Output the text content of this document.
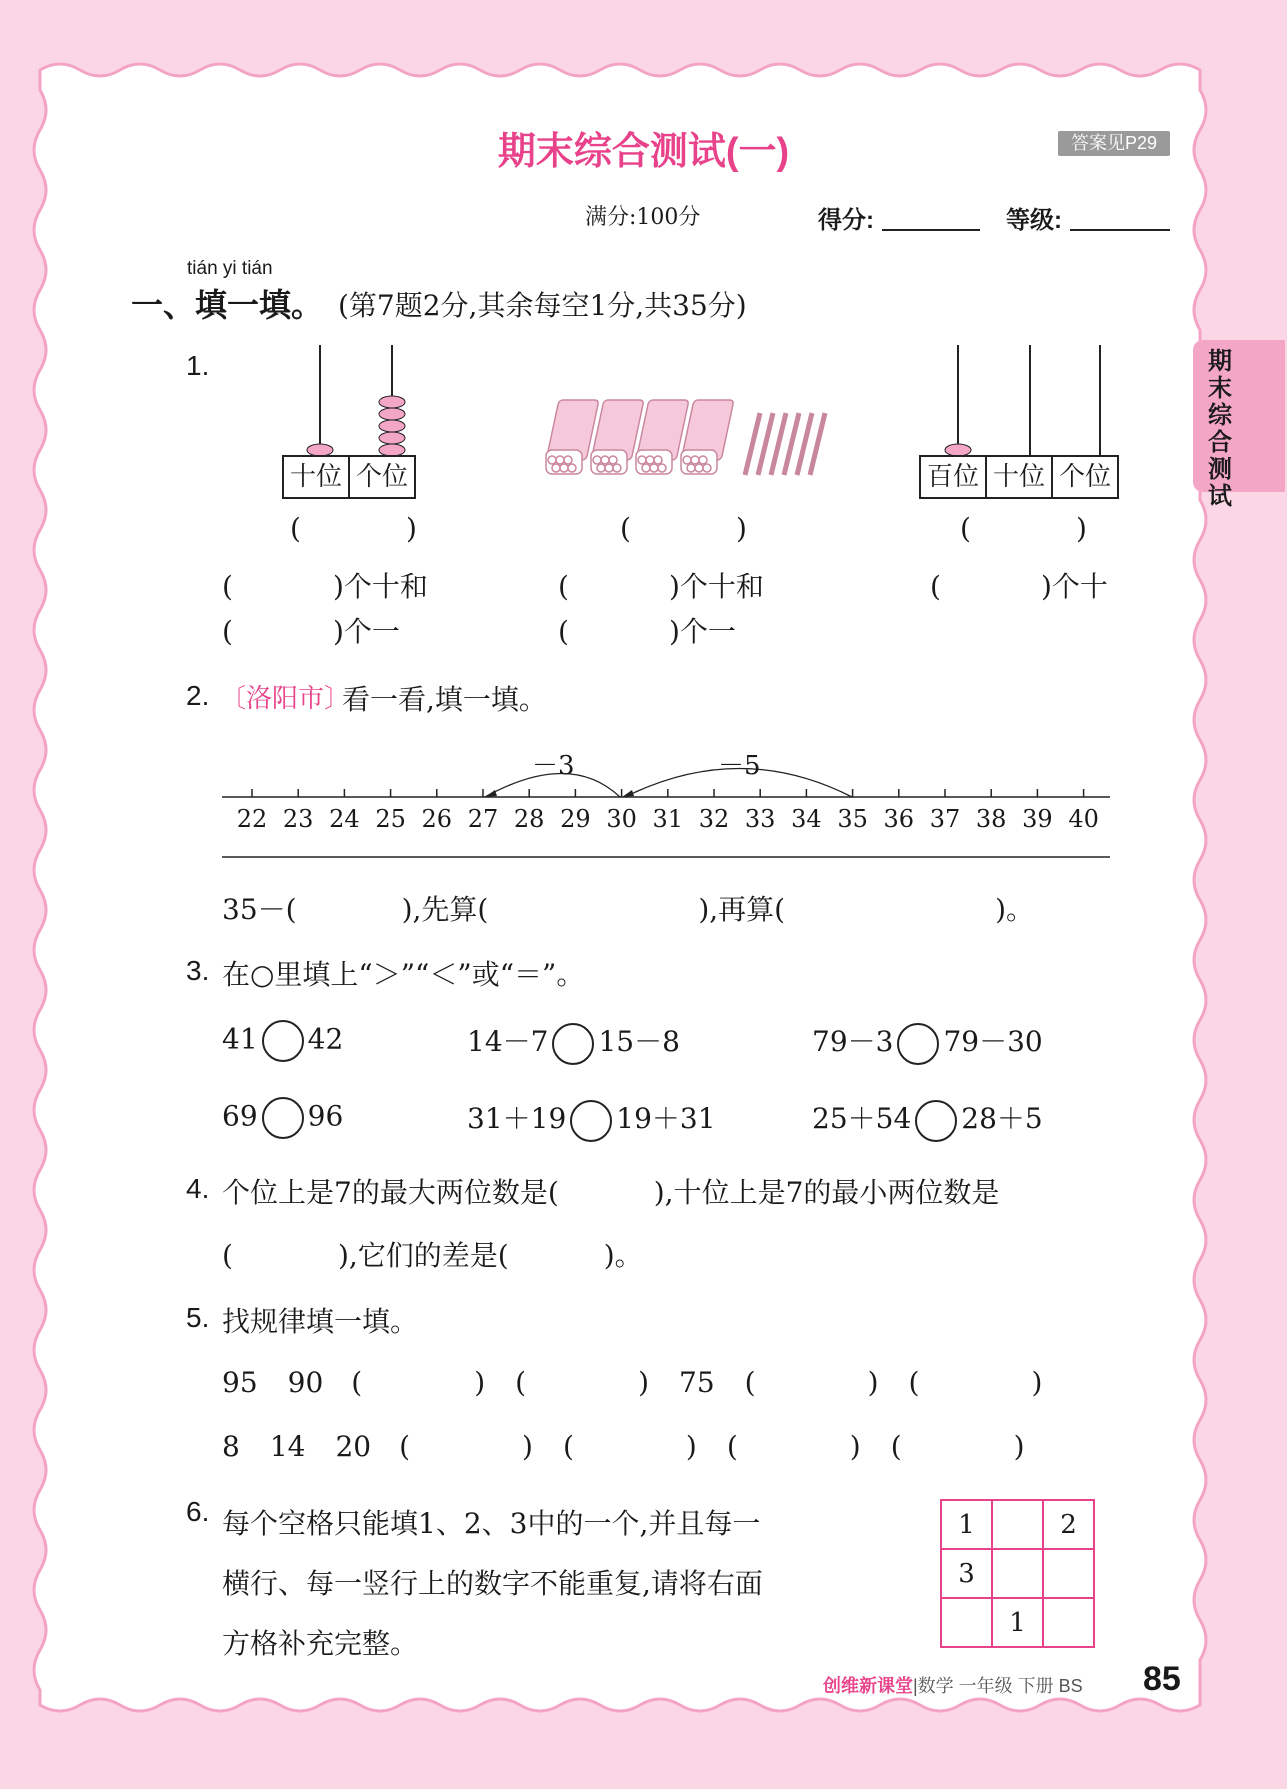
期末综合测试
期末综合测试(一)	答案见P29
满分:100分	得分:	等级:
tián yi tián
一、填一填。 (第7题2分,其余每空1分,共35分)
1.
十位 个位	百位 十位 个位
(	)	(	)	(	)
(	)个十和
(	)个一
(	)个十和
(	)个一
(	)个十
2. 〔洛阳市〕
看一看,填一填。
－3	－5
22 23 24 25 26 27 28 29 30 31 32 33 34 35 36 37 38 39 40
35－(	),先算(	),再算(	)。
3. 在○里填上“＞”“＜”或“＝”。
41 42	14－7 15－8	79－3 79－30
69 96	31＋19 19＋31	25＋54 28＋5
4. 个位上是7的最大两位数是(	),十位上是7的最小两位数是
(	),它们的差是(	)。
5. 找规律填一填。
95 90 (	) (	) 75 (	) (	)
8 14 20 (	) (	) (	) (	)
6. 每个空格只能填1、2、3中的一个,并且每一
横行、每一竖行上的数字不能重复,请将右面
方格补充完整。
1		2
3		
	1	
创维新课堂|数学 一年级 下册 BS 85
